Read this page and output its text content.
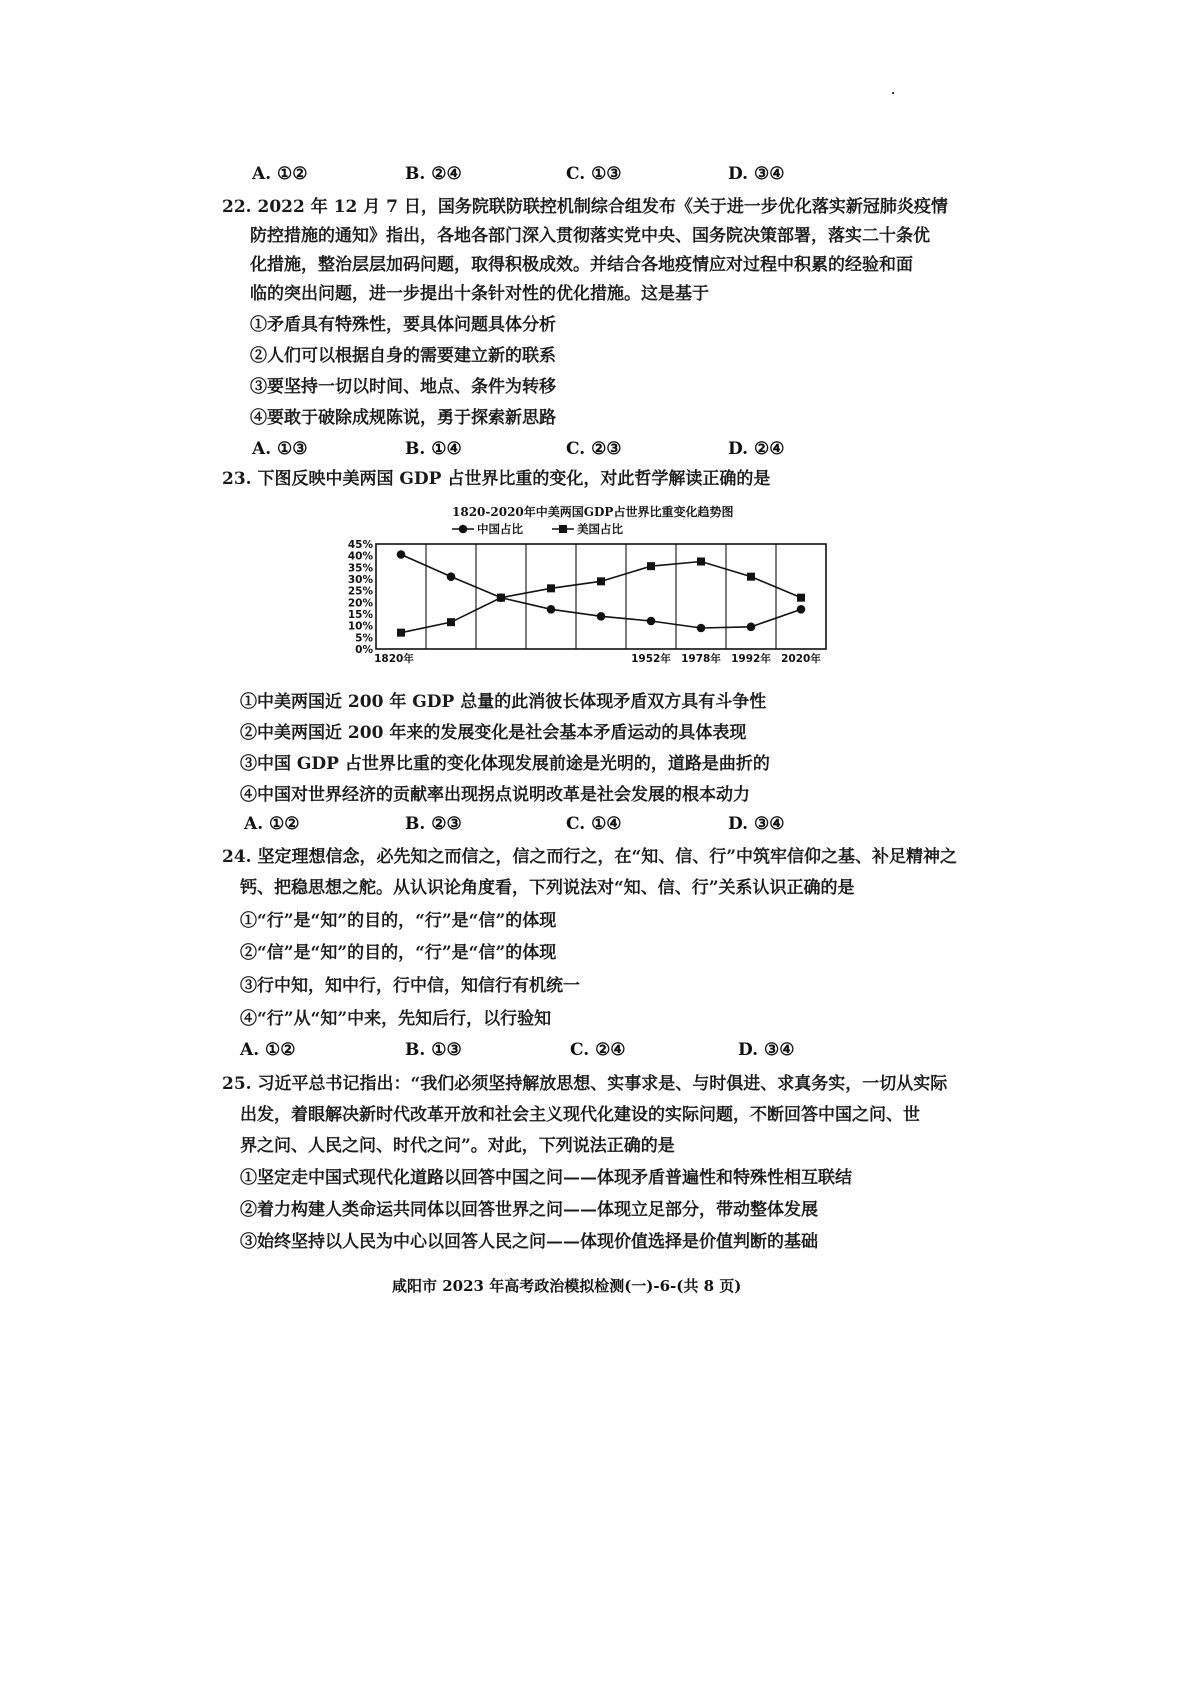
A. ①②	B. ②④	C. ①③	D. ③④
22. 2022 年 12 月 7 日，国务院联防联控机制综合组发布《关于进一步优化落实新冠肺炎疫情
防控措施的通知》指出，各地各部门深入贯彻落实党中央、国务院决策部署，落实二十条优
化措施，整治层层加码问题，取得积极成效。并结合各地疫情应对过程中积累的经验和面
临的突出问题，进一步提出十条针对性的优化措施。这是基于
①矛盾具有特殊性，要具体问题具体分析
②人们可以根据自身的需要建立新的联系
③要坚持一切以时间、地点、条件为转移
④要敢于破除成规陈说，勇于探索新思路
A. ①③	B. ①④	C. ②③	D. ②④
23. 下图反映中美两国 GDP 占世界比重的变化，对此哲学解读正确的是
1820-2020年中美两国GDP占世界比重变化趋势图
中国占比	美国占比
45%
40%
35%
30%
25%
20%
15%
10%
5%
0%
1820年	1952年 1978年 1992年 2020年
①中美两国近 200 年 GDP 总量的此消彼长体现矛盾双方具有斗争性
②中美两国近 200 年来的发展变化是社会基本矛盾运动的具体表现
③中国 GDP 占世界比重的变化体现发展前途是光明的，道路是曲折的
④中国对世界经济的贡献率出现拐点说明改革是社会发展的根本动力
A. ①②	B. ②③	C. ①④	D. ③④
24. 坚定理想信念，必先知之而信之，信之而行之，在“知、信、行”中筑牢信仰之基、补足精神之
钙、把稳思想之舵。从认识论角度看，下列说法对“知、信、行”关系认识正确的是
①“行”是“知”的目的，“行”是“信”的体现
②“信”是“知”的目的，“行”是“信”的体现
③行中知，知中行，行中信，知信行有机统一
④“行”从“知”中来，先知后行，以行验知
A. ①②	B. ①③	C. ②④	D. ③④
25. 习近平总书记指出：“我们必须坚持解放思想、实事求是、与时俱进、求真务实，一切从实际
出发，着眼解决新时代改革开放和社会主义现代化建设的实际问题，不断回答中国之问、世
界之问、人民之问、时代之问”。对此，下列说法正确的是
①坚定走中国式现代化道路以回答中国之问——体现矛盾普遍性和特殊性相互联结
②着力构建人类命运共同体以回答世界之问——体现立足部分，带动整体发展
③始终坚持以人民为中心以回答人民之问——体现价值选择是价值判断的基础
咸阳市 2023 年高考政治模拟检测(一)-6-(共 8 页)
